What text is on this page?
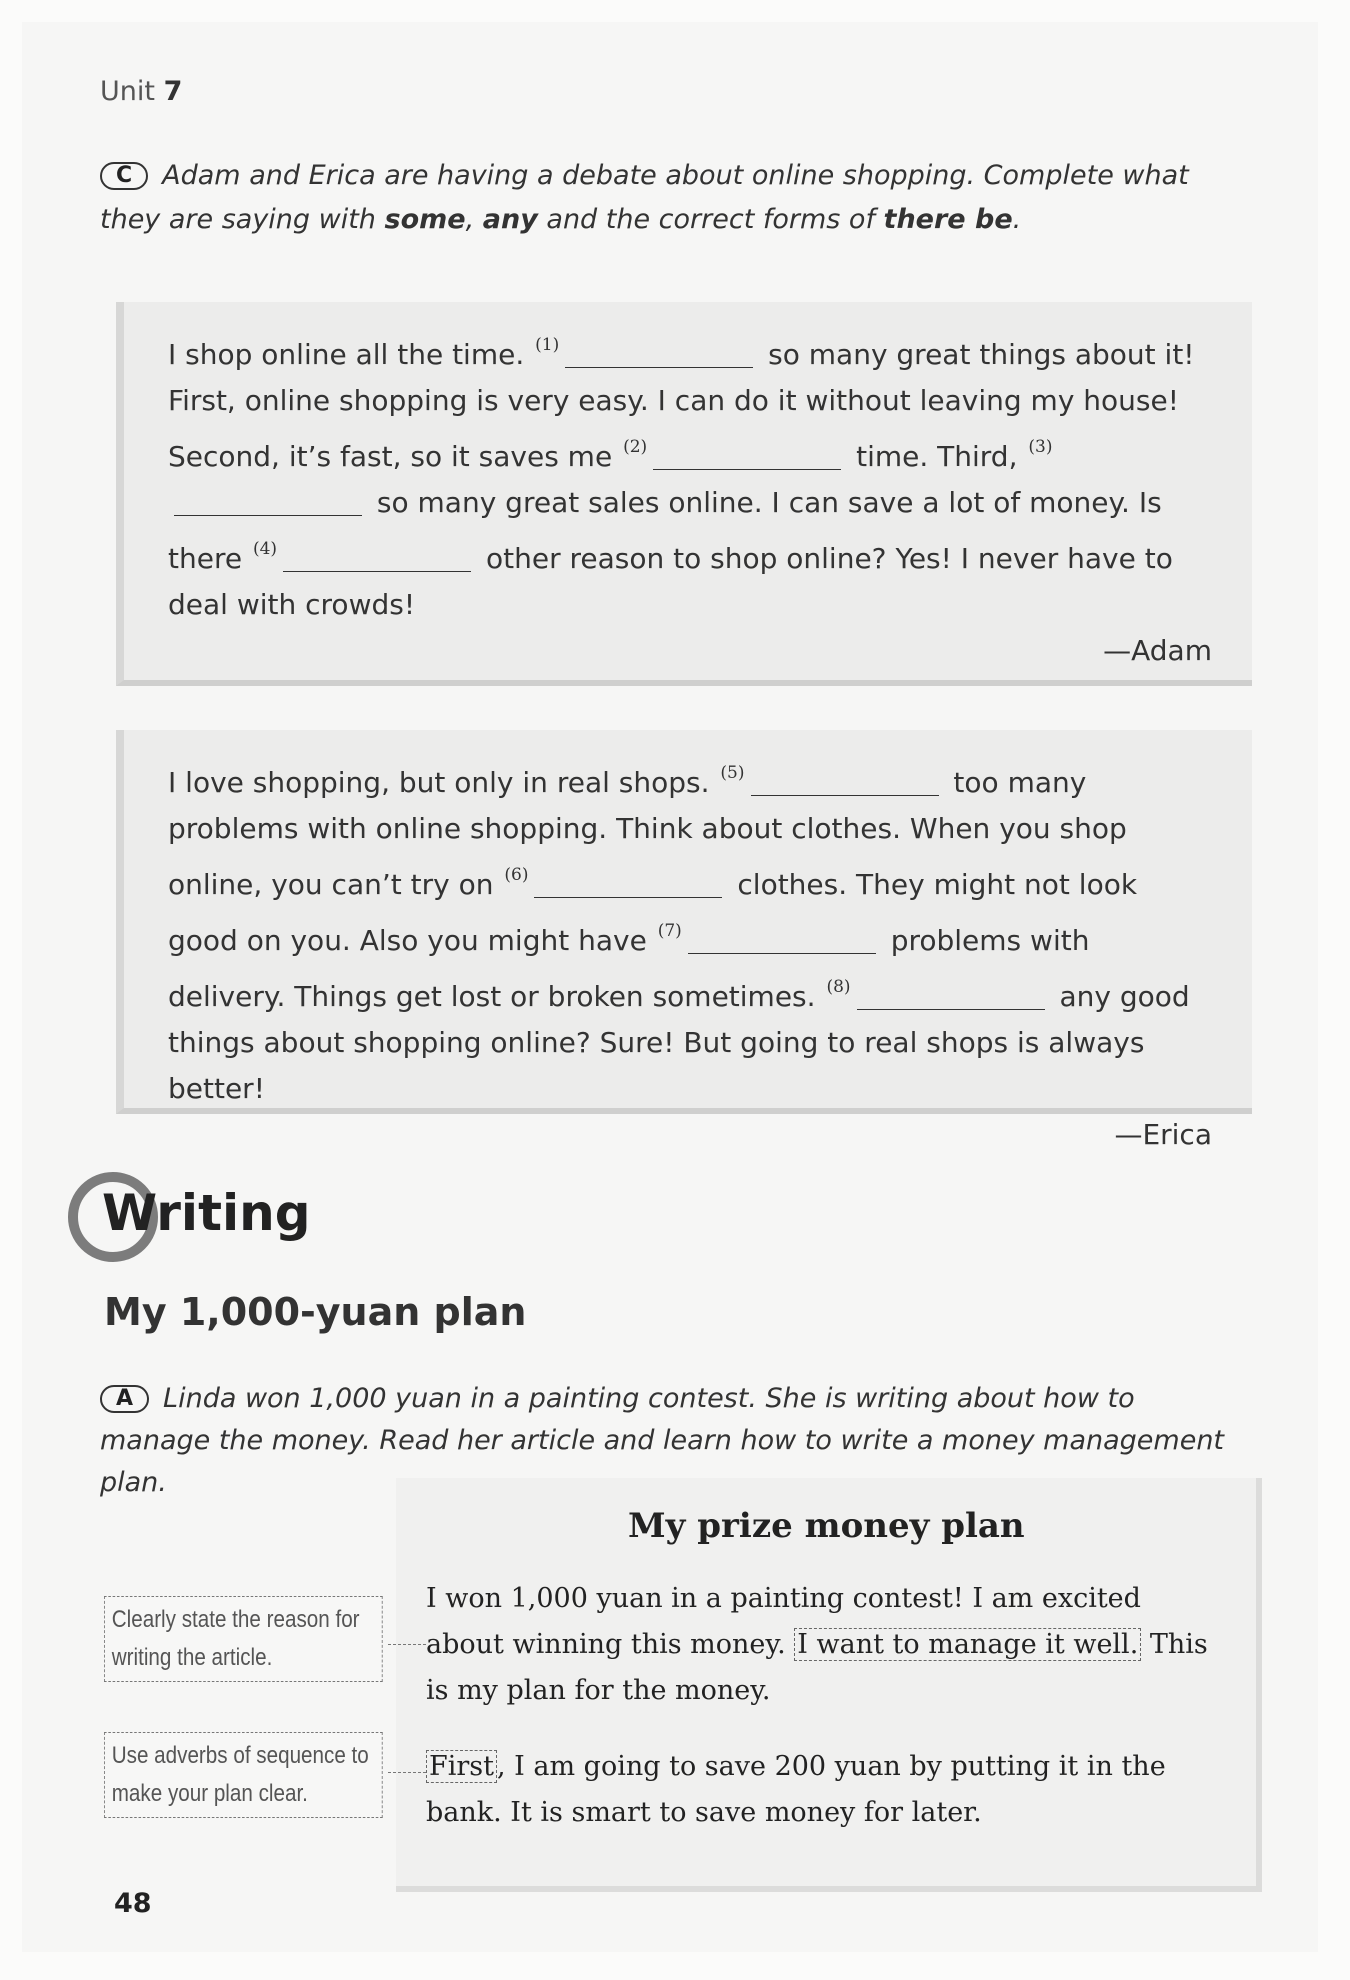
Unit 7
C Adam and Erica are having a debate about online shopping. Complete what they are saying with some, any and the correct forms of there be.
I shop online all the time. $^{(1)}$	so many great things about it! First, online shopping is very easy. I can do it without leaving my house! Second, it’s fast, so it saves me $^{(2)}$	time. Third, $^{(3)}$ so many great sales online. I can save a lot of money. Is there $^{(4)}$	other reason to shop online? Yes! I never have to deal with crowds!
—Adam
I love shopping, but only in real shops. $^{(5)}$	too many problems with online shopping. Think about clothes. When you shop online, you can’t try on $^{(6)}$	clothes. They might not look good on you. Also you might have $^{(7)}$	problems with delivery. Things get lost or broken sometimes. $^{(8)}$	any good things about shopping online? Sure! But going to real shops is always better!
—Erica
Writing
My 1,000-yuan plan
A Linda won 1,000 yuan in a painting contest. She is writing about how to manage the money. Read her article and learn how to write a money management plan.
My prize money plan
I won 1,000 yuan in a painting contest! I am excited about winning this money. I want to manage it well. This is my plan for the money.
First , I am going to save 200 yuan by putting it in the bank. It is smart to save money for later.
Clearly state the reason for writing the article.
Use adverbs of sequence to make your plan clear.
48
